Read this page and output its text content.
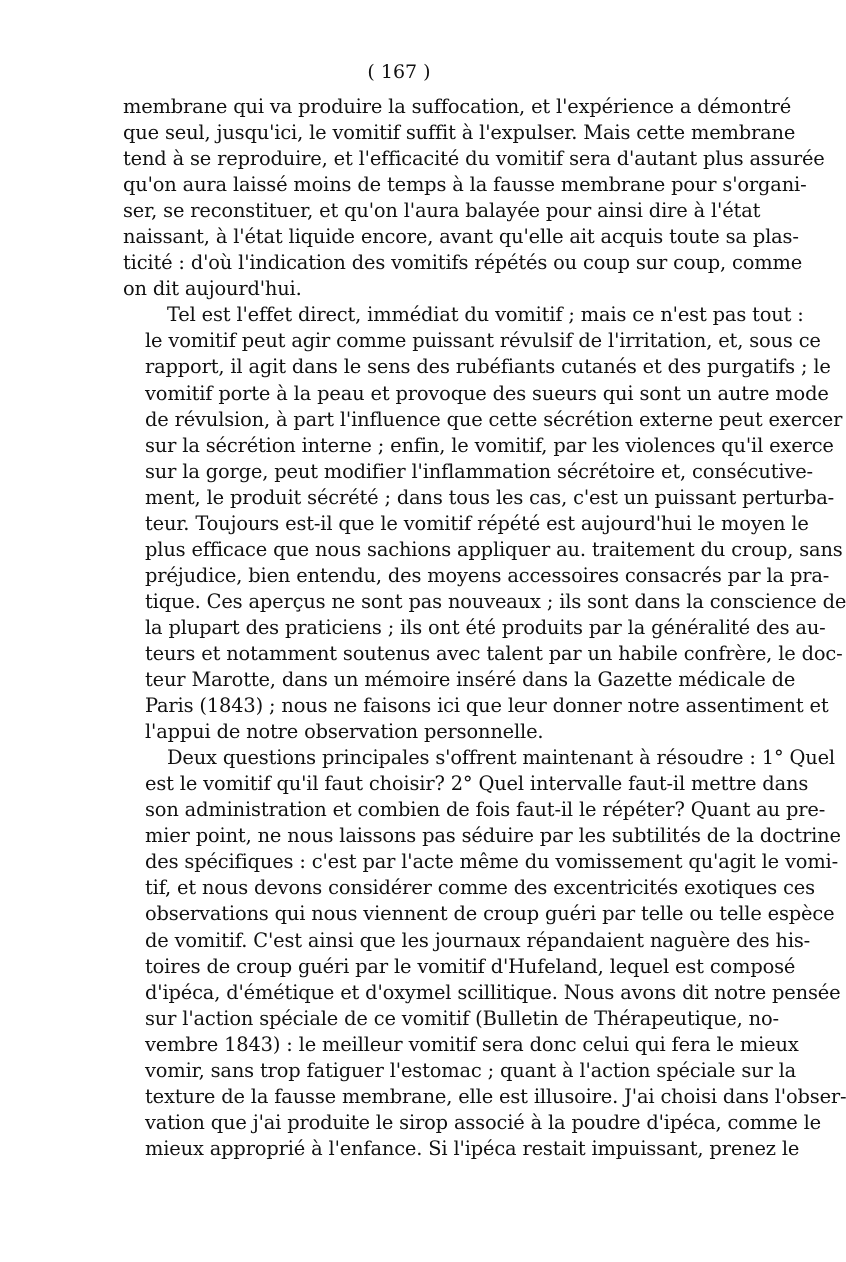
( 167 )
membrane qui va produire la suffocation, et l'expérience a démontré
que seul, jusqu'ici, le vomitif suffit à l'expulser. Mais cette membrane
tend à se reproduire, et l'efficacité du vomitif sera d'autant plus assurée
qu'on aura laissé moins de temps à la fausse membrane pour s'organi-
ser, se reconstituer, et qu'on l'aura balayée pour ainsi dire à l'état
naissant, à l'état liquide encore, avant qu'elle ait acquis toute sa plas-
ticité : d'où l'indication des vomitifs répétés ou coup sur coup, comme
on dit aujourd'hui.
Tel est l'effet direct, immédiat du vomitif ; mais ce n'est pas tout :
le vomitif peut agir comme puissant révulsif de l'irritation, et, sous ce
rapport, il agit dans le sens des rubéfiants cutanés et des purgatifs ; le
vomitif porte à la peau et provoque des sueurs qui sont un autre mode
de révulsion, à part l'influence que cette sécrétion externe peut exercer
sur la sécrétion interne ; enfin, le vomitif, par les violences qu'il exerce
sur la gorge, peut modifier l'inflammation sécrétoire et, consécutive-
ment, le produit sécrété ; dans tous les cas, c'est un puissant perturba-
teur. Toujours est-il que le vomitif répété est aujourd'hui le moyen le
plus efficace que nous sachions appliquer au. traitement du croup, sans
préjudice, bien entendu, des moyens accessoires consacrés par la pra-
tique. Ces aperçus ne sont pas nouveaux ; ils sont dans la conscience de
la plupart des praticiens ; ils ont été produits par la généralité des au-
teurs et notamment soutenus avec talent par un habile confrère, le doc-
teur Marotte, dans un mémoire inséré dans la Gazette médicale de
Paris (1843) ; nous ne faisons ici que leur donner notre assentiment et
l'appui de notre observation personnelle.
Deux questions principales s'offrent maintenant à résoudre : 1° Quel
est le vomitif qu'il faut choisir? 2° Quel intervalle faut-il mettre dans
son administration et combien de fois faut-il le répéter? Quant au pre-
mier point, ne nous laissons pas séduire par les subtilités de la doctrine
des spécifiques : c'est par l'acte même du vomissement qu'agit le vomi-
tif, et nous devons considérer comme des excentricités exotiques ces
observations qui nous viennent de croup guéri par telle ou telle espèce
de vomitif. C'est ainsi que les journaux répandaient naguère des his-
toires de croup guéri par le vomitif d'Hufeland, lequel est composé
d'ipéca, d'émétique et d'oxymel scillitique. Nous avons dit notre pensée
sur l'action spéciale de ce vomitif (Bulletin de Thérapeutique, no-
vembre 1843) : le meilleur vomitif sera donc celui qui fera le mieux
vomir, sans trop fatiguer l'estomac ; quant à l'action spéciale sur la
texture de la fausse membrane, elle est illusoire. J'ai choisi dans l'obser-
vation que j'ai produite le sirop associé à la poudre d'ipéca, comme le
mieux approprié à l'enfance. Si l'ipéca restait impuissant, prenez le
